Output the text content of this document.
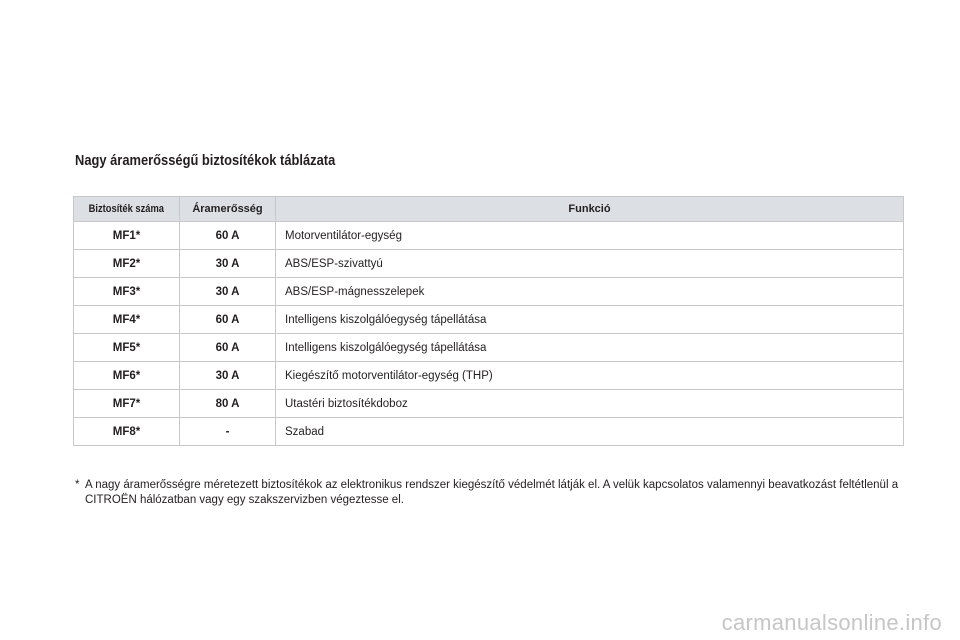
Nagy áramerősségű biztosítékok táblázata
Biztosíték száma	Áramerősség	Funkció
MF1*	60 A	Motorventilátor-egység
MF2*	30 A	ABS/ESP-szivattyú
MF3*	30 A	ABS/ESP-mágnesszelepek
MF4*	60 A	Intelligens kiszolgálóegység tápellátása
MF5*	60 A	Intelligens kiszolgálóegység tápellátása
MF6*	30 A	Kiegészítő motorventilátor-egység (THP)
MF7*	80 A	Utastéri biztosítékdoboz
MF8*	-	Szabad
* A nagy áramerősségre méretezett biztosítékok az elektronikus rendszer kiegészítő védelmét látják el. A velük kapcsolatos valamennyi beavatkozást feltétlenül a CITROËN hálózatban vagy egy szakszervizben végeztesse el.
carmanualsonline.info
